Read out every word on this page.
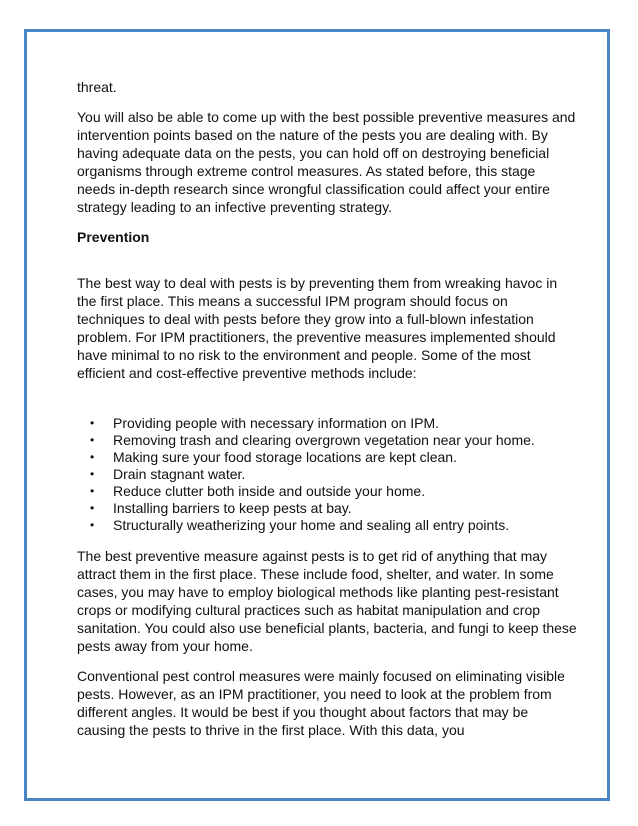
threat.

You will also be able to come up with the best possible preventive measures and intervention points based on the nature of the pests you are dealing with. By having adequate data on the pests, you can hold off on destroying beneficial organisms through extreme control measures. As stated before, this stage needs in-depth research since wrongful classification could affect your entire strategy leading to an infective preventing strategy.

Prevention

The best way to deal with pests is by preventing them from wreaking havoc in the first place. This means a successful IPM program should focus on techniques to deal with pests before they grow into a full-blown infestation problem. For IPM practitioners, the preventive measures implemented should have minimal to no risk to the environment and people. Some of the most efficient and cost-effective preventive methods include:

• Providing people with necessary information on IPM.
• Removing trash and clearing overgrown vegetation near your home.
• Making sure your food storage locations are kept clean.
• Drain stagnant water.
• Reduce clutter both inside and outside your home.
• Installing barriers to keep pests at bay.
• Structurally weatherizing your home and sealing all entry points.

The best preventive measure against pests is to get rid of anything that may attract them in the first place. These include food, shelter, and water. In some cases, you may have to employ biological methods like planting pest-resistant crops or modifying cultural practices such as habitat manipulation and crop sanitation. You could also use beneficial plants, bacteria, and fungi to keep these pests away from your home.

Conventional pest control measures were mainly focused on eliminating visible pests. However, as an IPM practitioner, you need to look at the problem from different angles. It would be best if you thought about factors that may be causing the pests to thrive in the first place. With this data, you
